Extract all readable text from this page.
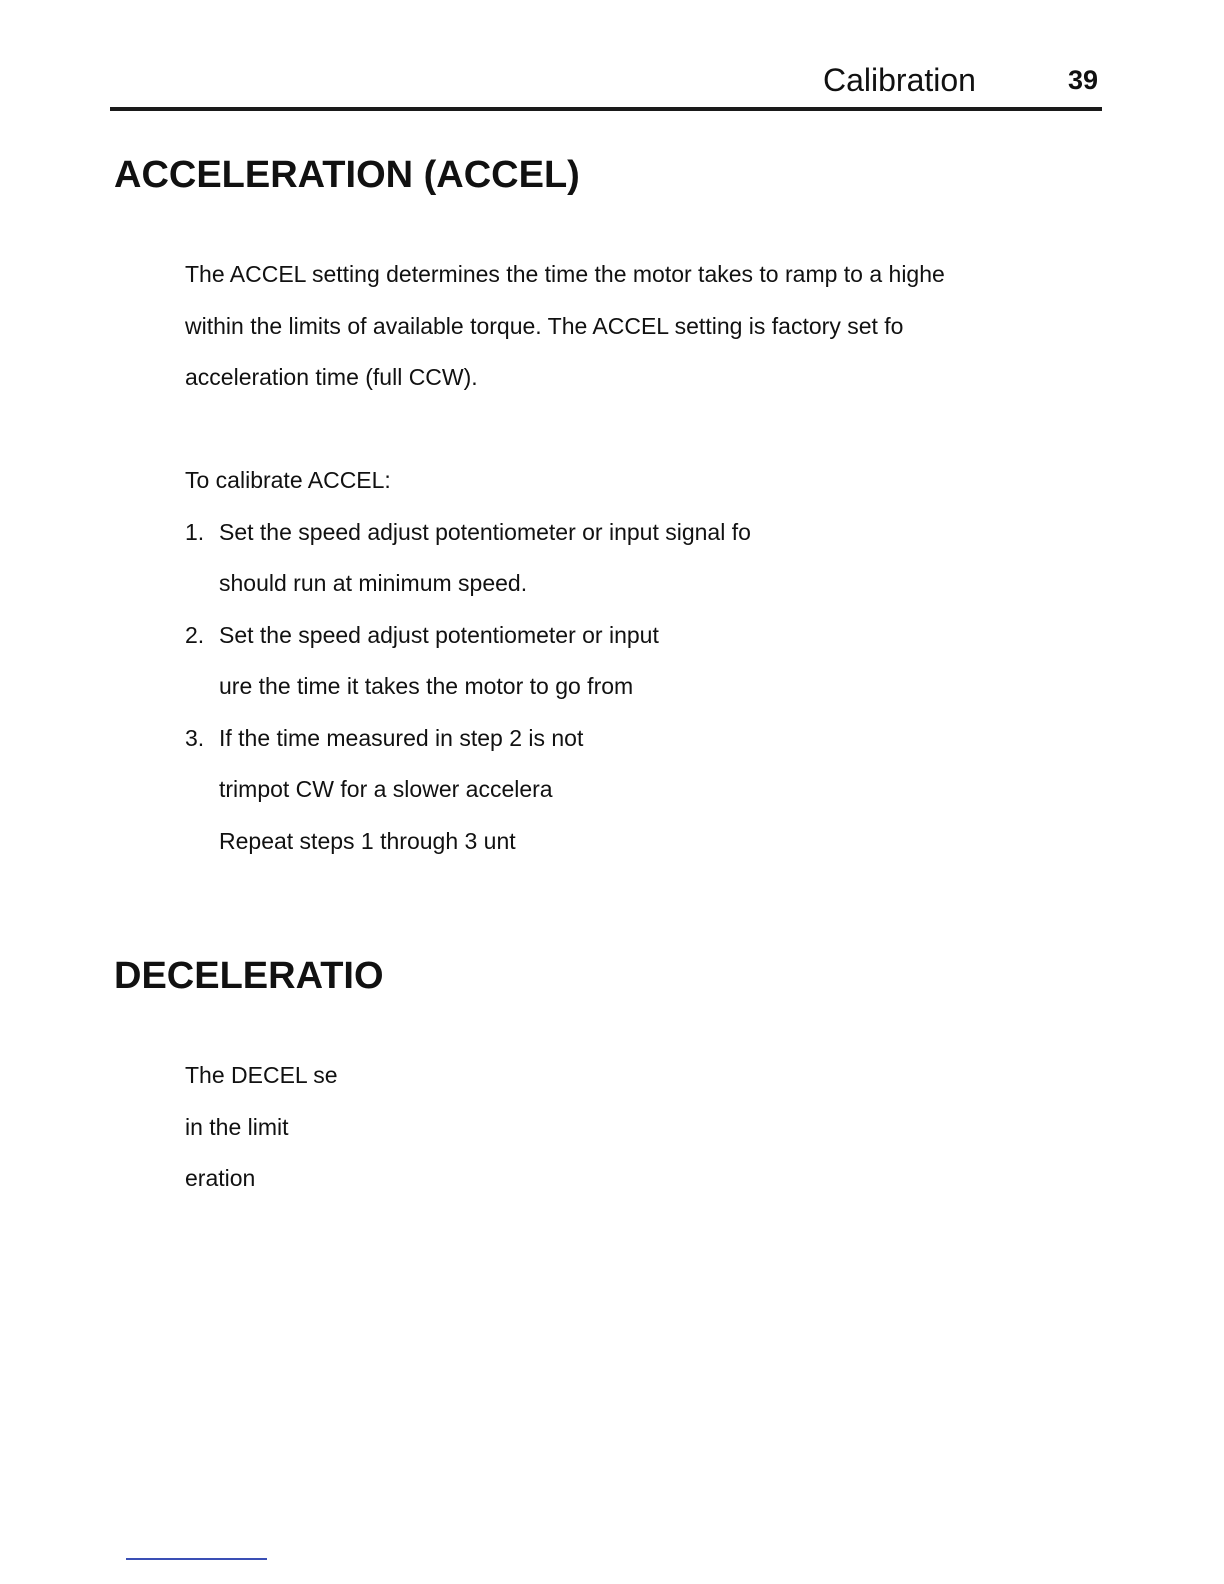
Calibration	39
ACCELERATION (ACCEL)
The ACCEL setting determines the time the motor takes to ramp to a highe
within the limits of available torque. The ACCEL setting is factory set fo
acceleration time (full CCW).
To calibrate ACCEL:
1. Set the speed adjust potentiometer or input signal fo
should run at minimum speed.
2. Set the speed adjust potentiometer or input
ure the time it takes the motor to go from
3. If the time measured in step 2 is not
trimpot CW for a slower accelera
Repeat steps 1 through 3 unt
DECELERATIO
The DECEL se
in the limit
eration
